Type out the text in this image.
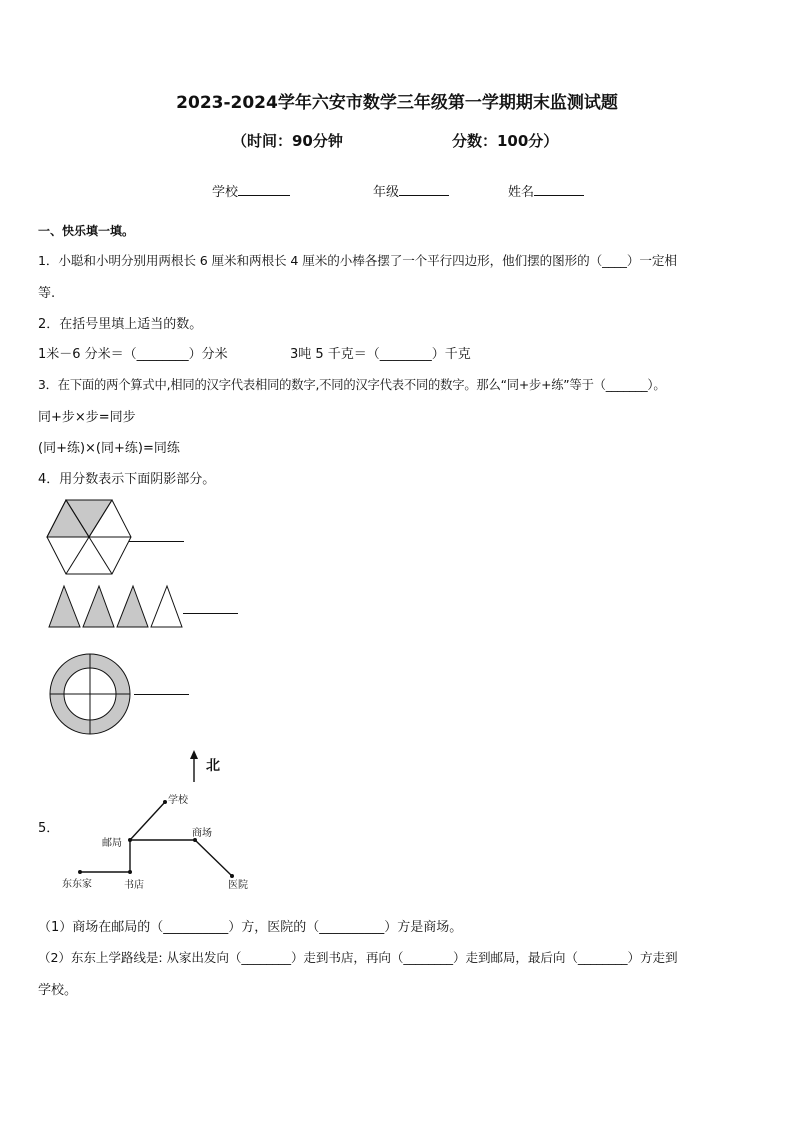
2023-2024学年六安市数学三年级第一学期期末监测试题
（时间：90分钟	分数：100分）
学校	年级	姓名
一、快乐填一填。
1．小聪和小明分别用两根长 6 厘米和两根长 4 厘米的小棒各摆了一个平行四边形，他们摆的图形的（____）一定相
等.
2．在括号里填上适当的数。
1米－6 分米＝（________）分米	3吨 5 千克＝（________）千克
3．在下面的两个算式中,相同的汉字代表相同的数字,不同的汉字代表不同的数字。那么“同+步+练”等于（_______）。
同+步×步=同步
(同+练)×(同+练)=同练
4．用分数表示下面阴影部分。
5．
北
学校
邮局
商场
东东家	书店	医院
（1）商场在邮局的（__________）方，医院的（__________）方是商场。
（2）东东上学路线是: 从家出发向（________）走到书店，再向（________）走到邮局，最后向（________）方走到
学校。
